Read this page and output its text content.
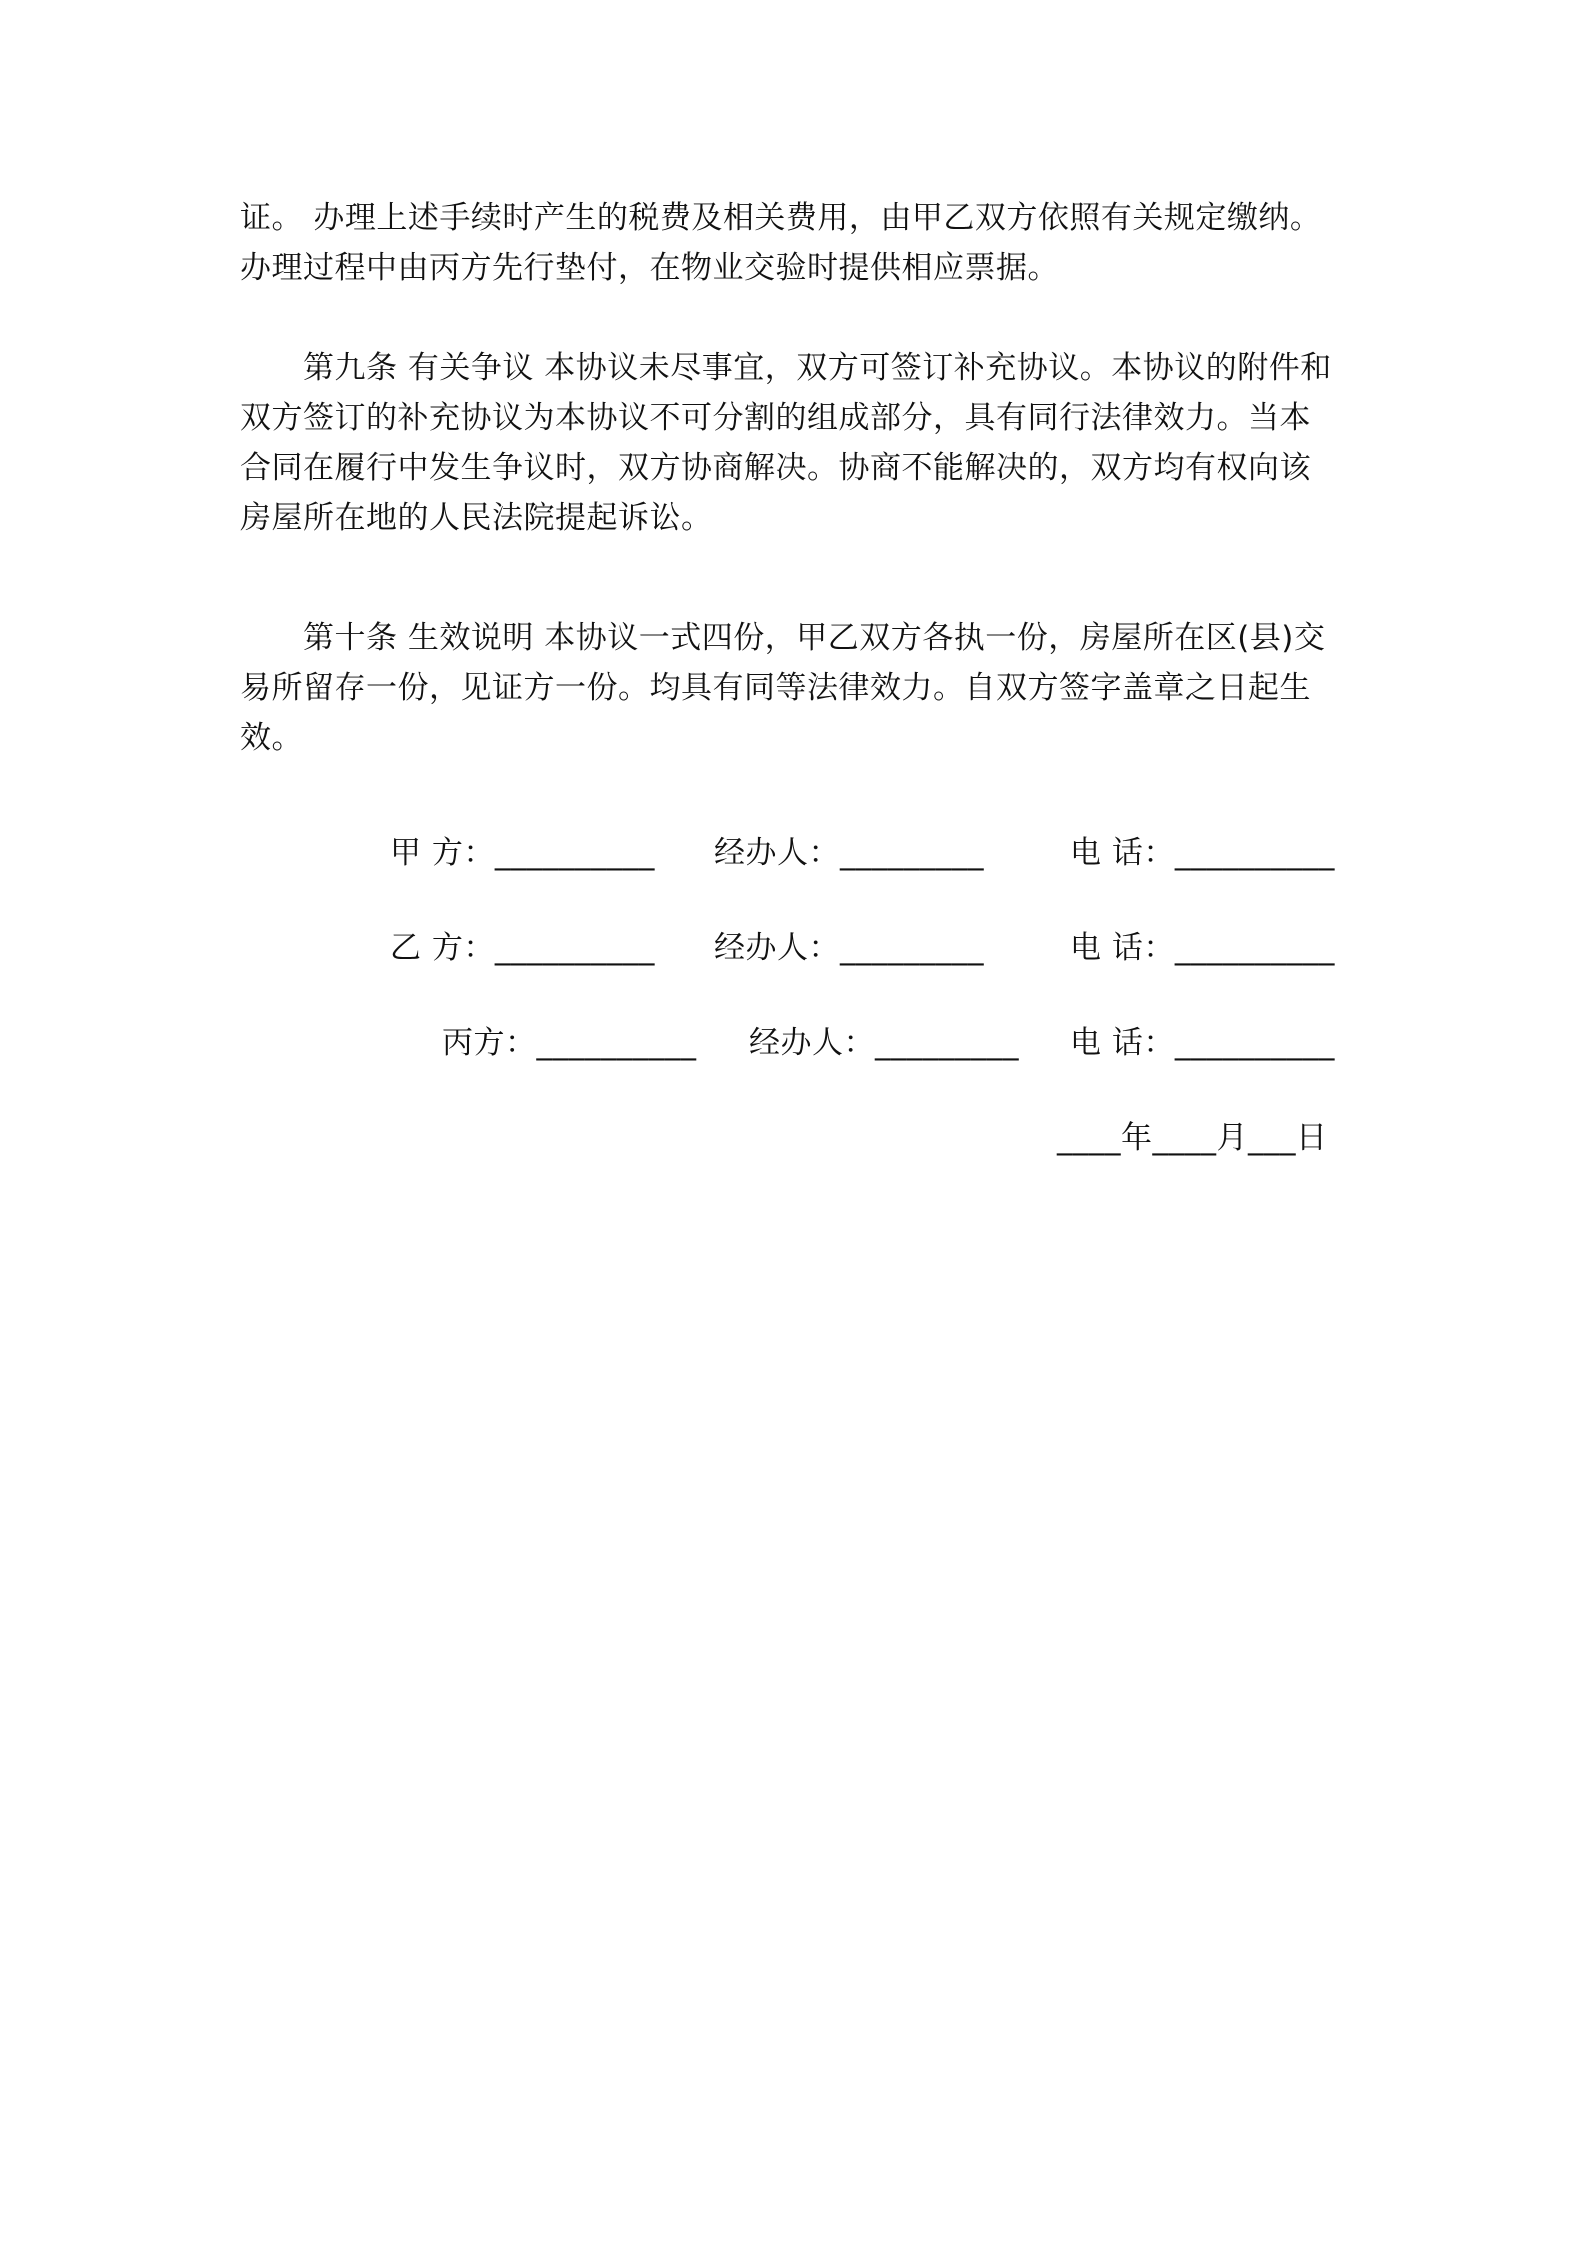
证。 办理上述手续时产生的税费及相关费用，由甲乙双方依照有关规定缴纳。
办理过程中由丙方先行垫付，在物业交验时提供相应票据。

第九条 有关争议 本协议未尽事宜，双方可签订补充协议。本协议的附件和
双方签订的补充协议为本协议不可分割的组成部分，具有同行法律效力。当本
合同在履行中发生争议时，双方协商解决。协商不能解决的，双方均有权向该
房屋所在地的人民法院提起诉讼。

第十条 生效说明 本协议一式四份，甲乙双方各执一份，房屋所在区(县)交
易所留存一份，见证方一份。均具有同等法律效力。自双方签字盖章之日起生
效。

甲 方：__________ 经办人：_________	电 话：__________
乙 方：__________ 经办人：_________	电 话：__________
丙方：__________ 经办人：_________ 电 话：__________
____年____月___日
